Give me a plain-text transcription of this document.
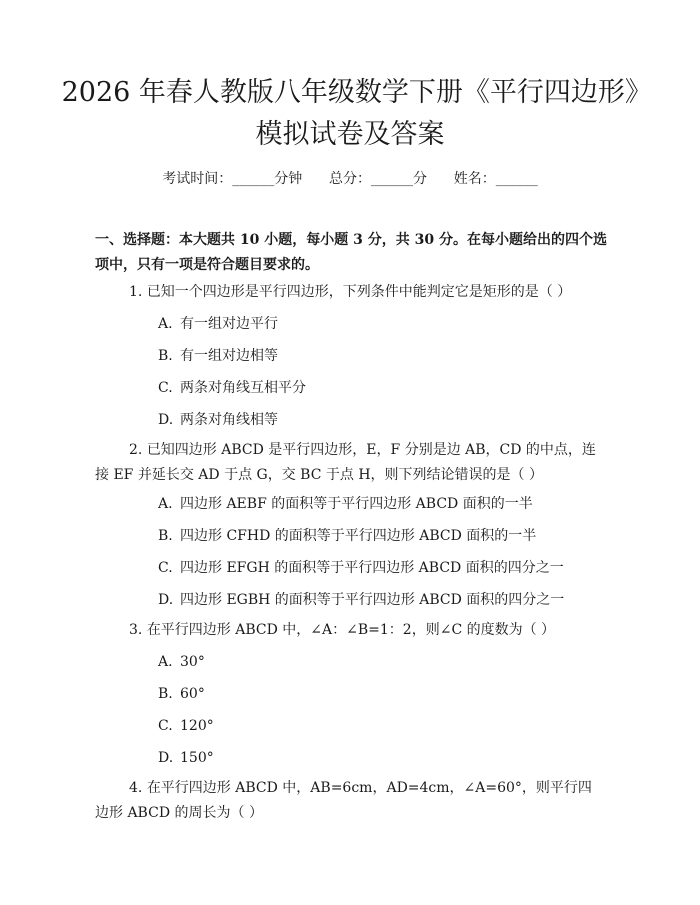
2026 年春人教版八年级数学下册《平行四边形》模拟试卷及答案
考试时间：______分钟      总分：______分      姓名：______
一、选择题：本大题共 10 小题，每小题 3 分，共 30 分。在每小题给出的四个选项中，只有一项是符合题目要求的。
1. 已知一个四边形是平行四边形，下列条件中能判定它是矩形的是（ ）
A. 有一组对边平行
B. 有一组对边相等
C. 两条对角线互相平分
D. 两条对角线相等
2. 已知四边形 ABCD 是平行四边形，E，F 分别是边 AB，CD 的中点，连接 EF 并延长交 AD 于点 G，交 BC 于点 H，则下列结论错误的是（ ）
A. 四边形 AEBF 的面积等于平行四边形 ABCD 面积的一半
B. 四边形 CFHD 的面积等于平行四边形 ABCD 面积的一半
C. 四边形 EFGH 的面积等于平行四边形 ABCD 面积的四分之一
D. 四边形 EGBH 的面积等于平行四边形 ABCD 面积的四分之一
3. 在平行四边形 ABCD 中，∠A：∠B=1：2，则∠C 的度数为（ ）
A. 30°
B. 60°
C. 120°
D. 150°
4. 在平行四边形 ABCD 中，AB=6cm，AD=4cm，∠A=60°，则平行四边形 ABCD 的周长为（ ）
